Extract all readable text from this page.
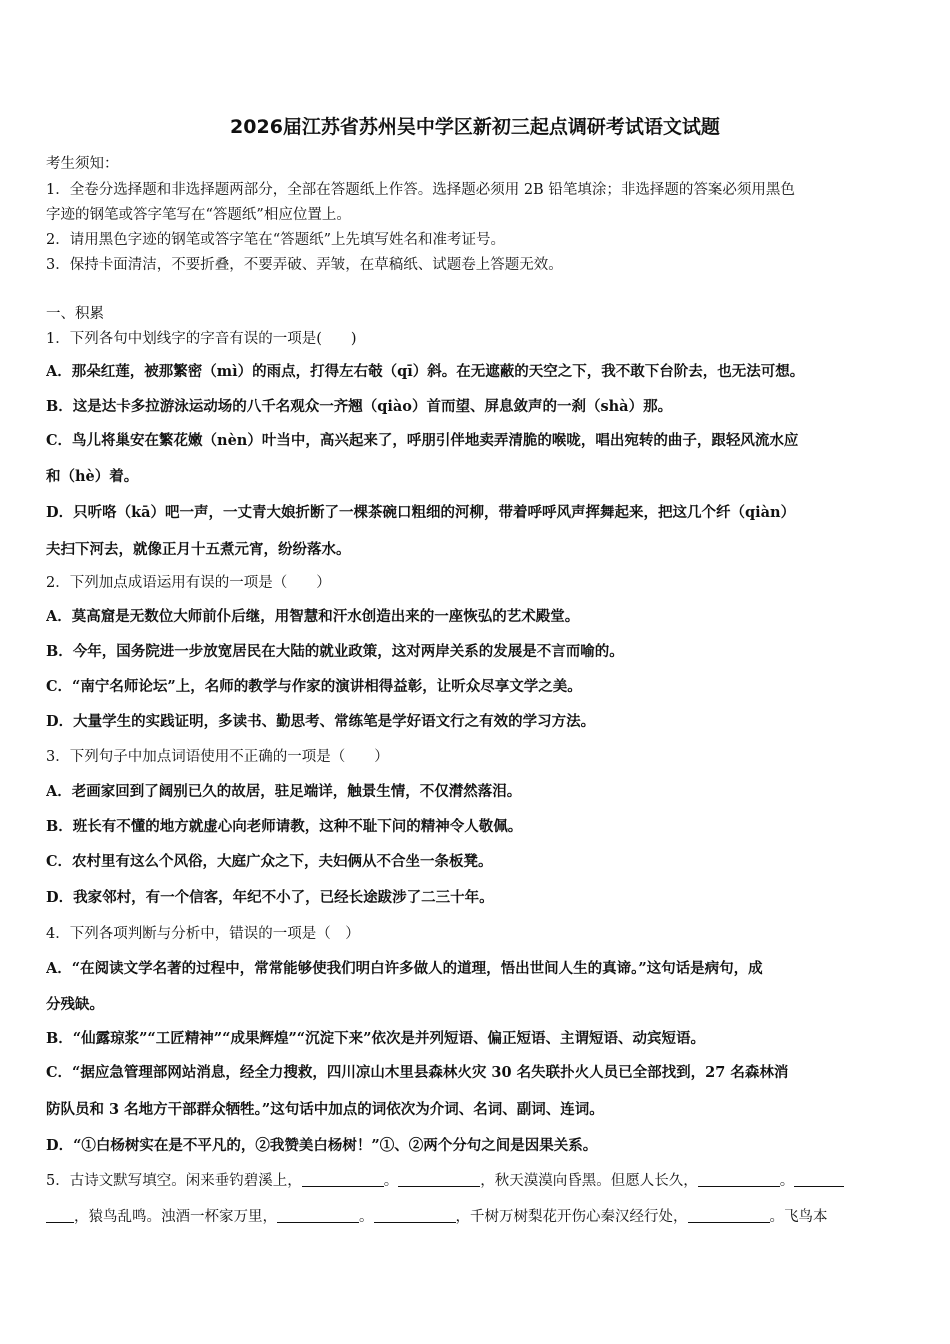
2026届江苏省苏州吴中学区新初三起点调研考试语文试题
考生须知：
1．全卷分选择题和非选择题两部分，全部在答题纸上作答。选择题必须用 2B 铅笔填涂；非选择题的答案必须用黑色
字迹的钢笔或答字笔写在“答题纸”相应位置上。
2．请用黑色字迹的钢笔或答字笔在“答题纸”上先填写姓名和准考证号。
3．保持卡面清洁，不要折叠，不要弄破、弄皱，在草稿纸、试题卷上答题无效。
一、积累
1．下列各句中划线字的字音有误的一项是(　　)
A．那朵红莲，被那繁密（mì）的雨点，打得左右攲（qī）斜。在无遮蔽的天空之下，我不敢下台阶去，也无法可想。
B．这是达卡多拉游泳运动场的八千名观众一齐翘（qiào）首而望、屏息敛声的一刹（shà）那。
C．鸟儿将巢安在繁花嫩（nèn）叶当中，高兴起来了，呼朋引伴地卖弄清脆的喉咙，唱出宛转的曲子，跟轻风流水应
和（hè）着。
D．只听咯（kā）吧一声，一丈青大娘折断了一棵茶碗口粗细的河柳，带着呼呼风声挥舞起来，把这几个纤（qiàn）
夫扫下河去，就像正月十五煮元宵，纷纷落水。
2．下列加点成语运用有误的一项是（　　）
A．莫高窟是无数位大师前仆后继，用智慧和汗水创造出来的一座恢弘的艺术殿堂。
B．今年，国务院进一步放宽居民在大陆的就业政策，这对两岸关系的发展是不言而喻的。
C．“南宁名师论坛”上，名师的教学与作家的演讲相得益彰，让听众尽享文学之美。
D．大量学生的实践证明，多读书、勤思考、常练笔是学好语文行之有效的学习方法。
3．下列句子中加点词语使用不正确的一项是（　　）
A．老画家回到了阔别已久的故居，驻足端详，触景生情，不仅潸然落泪。
B．班长有不懂的地方就虚心向老师请教，这种不耻下问的精神令人敬佩。
C．农村里有这么个风俗，大庭广众之下，夫妇俩从不合坐一条板凳。
D．我家邻村，有一个信客，年纪不小了，已经长途跋涉了二三十年。
4．下列各项判断与分析中，错误的一项是（　）
A．“在阅读文学名著的过程中，常常能够使我们明白许多做人的道理，悟出世间人生的真谛。”这句话是病句，成
分残缺。
B．“仙露琼浆”“工匠精神”“成果辉煌”“沉淀下来”依次是并列短语、偏正短语、主谓短语、动宾短语。
C．“据应急管理部网站消息，经全力搜救，四川凉山木里县森林火灾 30 名失联扑火人员已全部找到，27 名森林消
防队员和 3 名地方干部群众牺牲。”这句话中加点的词依次为介词、名词、副词、连词。
D．“①白杨树实在是不平凡的，②我赞美白杨树！”①、②两个分句之间是因果关系。
5．古诗文默写填空。闲来垂钓碧溪上，	。	，秋天漠漠向昏黑。但愿人长久，	。
，猿鸟乱鸣。浊酒一杯家万里，	。	，千树万树梨花开伤心秦汉经行处，	。飞鸟本
